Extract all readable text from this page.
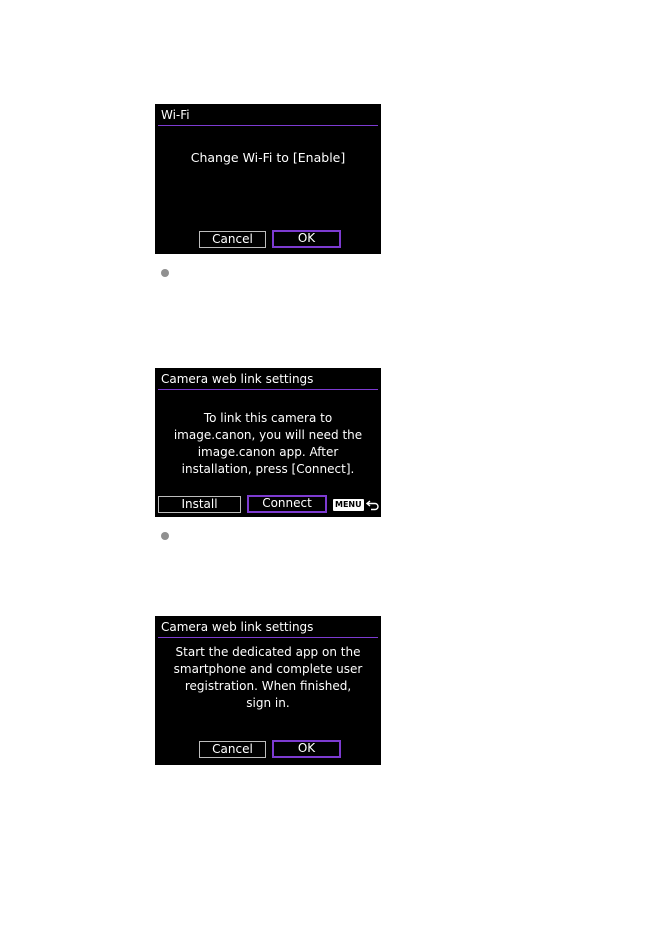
Wi-Fi
Change Wi-Fi to [Enable]
Cancel	OK
Camera web link settings
To link this camera to
image.canon, you will need the
image.canon app. After
installation, press [Connect].
Install	Connect	MENU
Camera web link settings
Start the dedicated app on the
smartphone and complete user
registration. When finished,
sign in.
Cancel	OK
